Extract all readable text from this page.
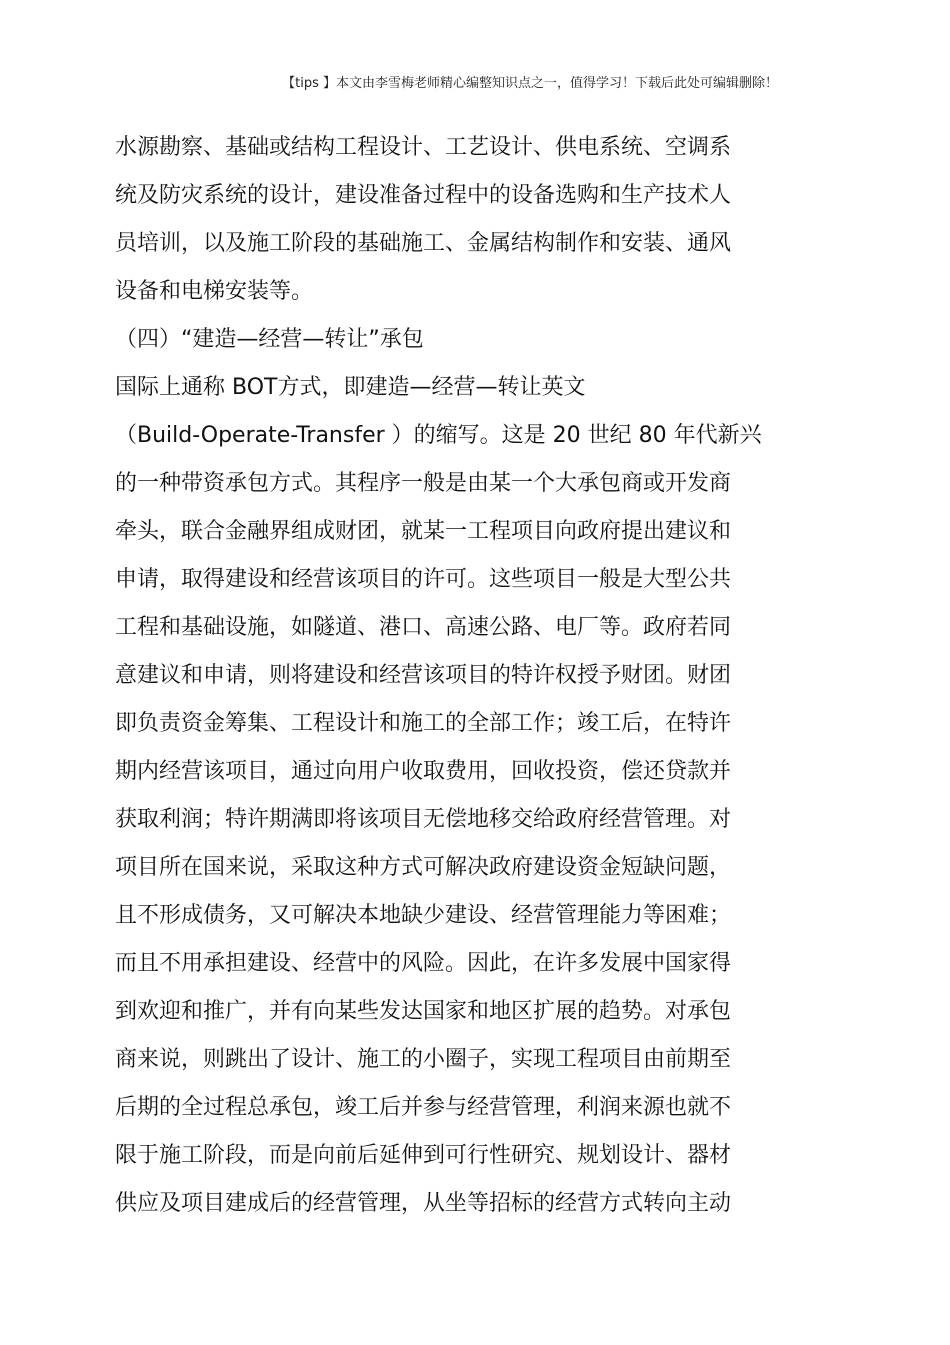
【tips 】本文由李雪梅老师精心编整知识点之一，值得学习！下载后此处可编辑删除！
水源勘察、基础或结构工程设计、工艺设计、供电系统、空调系
统及防灾系统的设计，建设准备过程中的设备选购和生产技术人
员培训，以及施工阶段的基础施工、金属结构制作和安装、通风
设备和电梯安装等。
（四）“建造—经营—转让”承包
国际上通称 BOT方式，即建造—经营—转让英文
（Build-Operate-Transfer ）的缩写。这是 20 世纪 80 年代新兴
的一种带资承包方式。其程序一般是由某一个大承包商或开发商
牵头，联合金融界组成财团，就某一工程项目向政府提出建议和
申请，取得建设和经营该项目的许可。这些项目一般是大型公共
工程和基础设施，如隧道、港口、高速公路、电厂等。政府若同
意建议和申请，则将建设和经营该项目的特许权授予财团。财团
即负责资金筹集、工程设计和施工的全部工作；竣工后，在特许
期内经营该项目，通过向用户收取费用，回收投资，偿还贷款并
获取利润；特许期满即将该项目无偿地移交给政府经营管理。对
项目所在国来说，采取这种方式可解决政府建设资金短缺问题，
且不形成债务，又可解决本地缺少建设、经营管理能力等困难；
而且不用承担建设、经营中的风险。因此，在许多发展中国家得
到欢迎和推广，并有向某些发达国家和地区扩展的趋势。对承包
商来说，则跳出了设计、施工的小圈子，实现工程项目由前期至
后期的全过程总承包，竣工后并参与经营管理，利润来源也就不
限于施工阶段，而是向前后延伸到可行性研究、规划设计、器材
供应及项目建成后的经营管理，从坐等招标的经营方式转向主动
